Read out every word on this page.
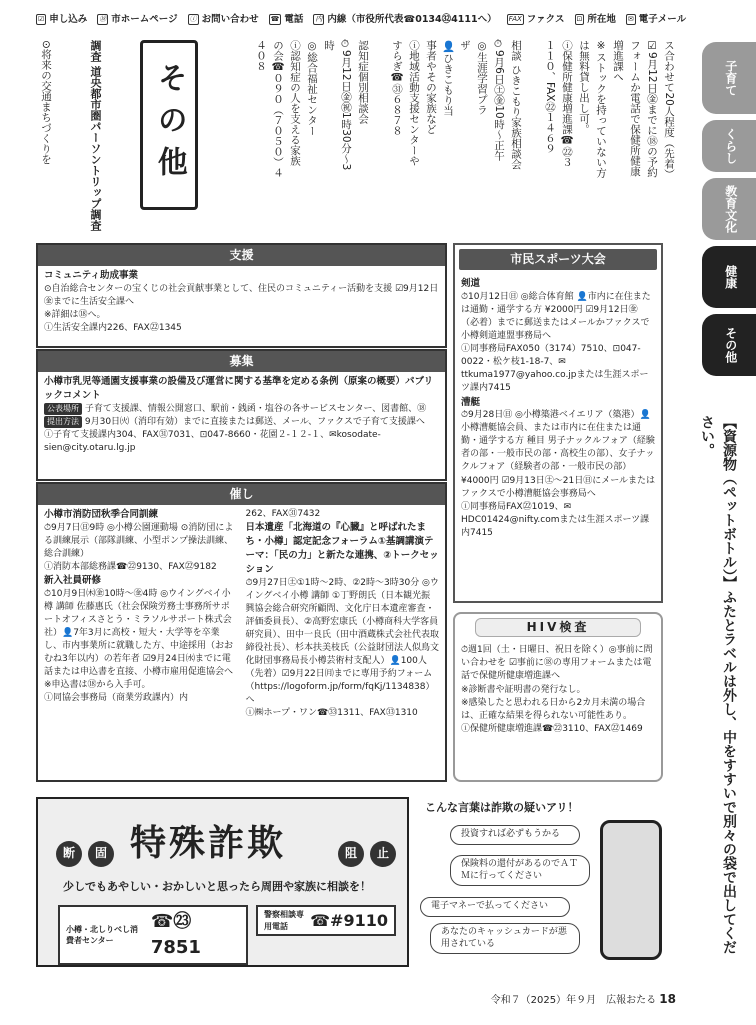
☑ 申し込み ⑱ 市ホームページ ⓘ お問い合わせ ☎ 電話 内 内線（市役所代表☎0134㉜4111へ） FAX ファクス ⊡ 所在地 ✉ 電子メール
子育て
くらし
教育文化
健康
その他
【資源物（ペットボトル）】ふたとラベルは外し、中をすすいで別々の袋で出してください。
ス合わせて20人程度（先着）
☑9月12日㊎までに⑱の予約
フォームか電話で保健所健康
増進課へ
※ストックを持っていない方
は無料貸し出し可。
ⓘ保健所健康増進課☎㉒３
１１０、FAX㉒１４６９
相談 ひきこもり家族相談会
⏱9月6日㊏㊎10時～正午
◎生涯学習プラ
ザ
👤ひきこもり当
事者やその家族など
ⓘ地域活動支援センターや
すらぎ☎㉛６８７８
認知症個別相談会
⏱9月12日㊎㊗1時30分～3
時
◎総合福祉センター
ⓘ認知症の人を支える家族
の会☎０９０（７０５０）４
４０８
その他
調査 道央都市圏パーソントリップ調査
⊙将来の交通まちづくりを
支援
コミュニティ助成事業
⊙自治総合センターの宝くじの社会貢献事業として、住民のコミュニティー活動を支援 ☑9月12日㊎までに生活安全課へ
※詳細は⑱へ。
ⓘ生活安全課内226、FAX㉒1345
募集
小樽市乳児等通園支援事業の設備及び運営に関する基準を定める条例（原案の概要）パブリックコメント
公表場所 子育て支援課、情報公開窓口、駅前・銭函・塩谷の各サービスセンター、図書館、⑱ 提出方法 9月30日㈫（消印有効）までに直接または郵送、メール、ファクスで子育て支援課へ
ⓘ子育て支援課内304、FAX㉛7031、⊡047-8660・花園２-１２-１、✉kosodate-sien@city.otaru.lg.jp
催し
小樽市消防団秋季合同訓練
⏱9月7日㊐9時 ◎小樽公園運動場 ⊙消防団による訓練展示（部隊訓練、小型ポンプ操法訓練、総合訓練）
ⓘ消防本部総務課☎㉒9130、FAX㉒9182
新入社員研修
⏱10月9日㈭㊎10時～㊎4時 ◎ウイングベイ小樽 講師 佐藤惠氏（社会保険労務士事務所サポートオフィスさとう・ミラソルサポート株式会社）👤7年3月に高校・短大・大学等を卒業し、市内事業所に就職した方、中途採用（おおむね3年以内）の若年者 ☑9月24日㈬までに電話または申込書を直接、小樽市雇用促進協会へ
※申込書は⑱から入手可。
ⓘ同協会事務局（商業労政課内）内
262、FAX㉛7432
日本遺産「北海道の『心臓』と呼ばれたまち・小樽」認定記念フォーラム①基調講演テーマ：「民の力」と新たな連携、②トークセッション
⏱9月27日㊏①1時～2時、②2時～3時30分 ◎ウイングベイ小樽 講師 ①丁野朗氏（日本観光振興協会総合研究所顧問、文化庁日本遺産審査・評価委員長）、②高野宏康氏（小樽商科大学客員研究員）、田中一良氏（田中酒蔵株式会社代表取締役社長）、杉本扶美枝氏（公益財団法人似鳥文化財団事務局長小樽芸術村支配人）👤100人（先着）☑9月22日㈪までに専用予約フォーム（https://logoform.jp/form/fqKj/1134838）へ
ⓘ㈱ホープ・ワン☎㉝1311、FAX㉝1310
市民スポーツ大会
剣道
⏱10月12日㊐ ◎総合体育館 👤市内に在住または通勤・通学する方 ¥2000円 ☑9月12日㊎（必着）までに郵送またはメールかファクスで小樽剣道連盟事務局へ
ⓘ同事務局FAX050（3174）7510、⊡047-0022・松ケ枝1-18-7、✉ttkuma1977@yahoo.co.jpまたは生涯スポーツ課内7415
漕艇
⏱9月28日㊐ ◎小樽築港ベイエリア（築港）👤小樽漕艇協会員、または市内に在住または通勤・通学する方 種目 男子ナックルフォア（経験者の部・一般市民の部・高校生の部）、女子ナックルフォア（経験者の部・一般市民の部）¥4000円 ☑9月13日㊏～21日㊐にメールまたはファクスで小樽漕艇協会事務局へ
ⓘ同事務局FAX㉒1019、✉HDC01424@nifty.comまたは生涯スポーツ課内7415
HIV検査
⏱週1回（土・日曜日、祝日を除く）◎事前に問い合わせを ☑事前に⑱の専用フォームまたは電話で保健所健康増進課へ
※診断書や証明書の発行なし。
※感染したと思われる日から2カ月未満の場合は、正確な結果を得られない可能性あり。
ⓘ保健所健康増進課☎㉒3110、FAX㉒1469
断	固 特殊詐欺	阻	止
少しでもあやしい・おかしいと思ったら周囲や家族に相談を！
小樽・北しりべし消費者センター
☎㉓7851
警察相談専用電話	☎#9110
こんな言葉は詐欺の疑いアリ！
投資すれば必ずもうかる
保険料の還付があるのでＡＴＭに行ってください
電子マネーで払ってください
あなたのキャッシュカードが悪用されている
令和７（2025）年９月　広報おたる 18
